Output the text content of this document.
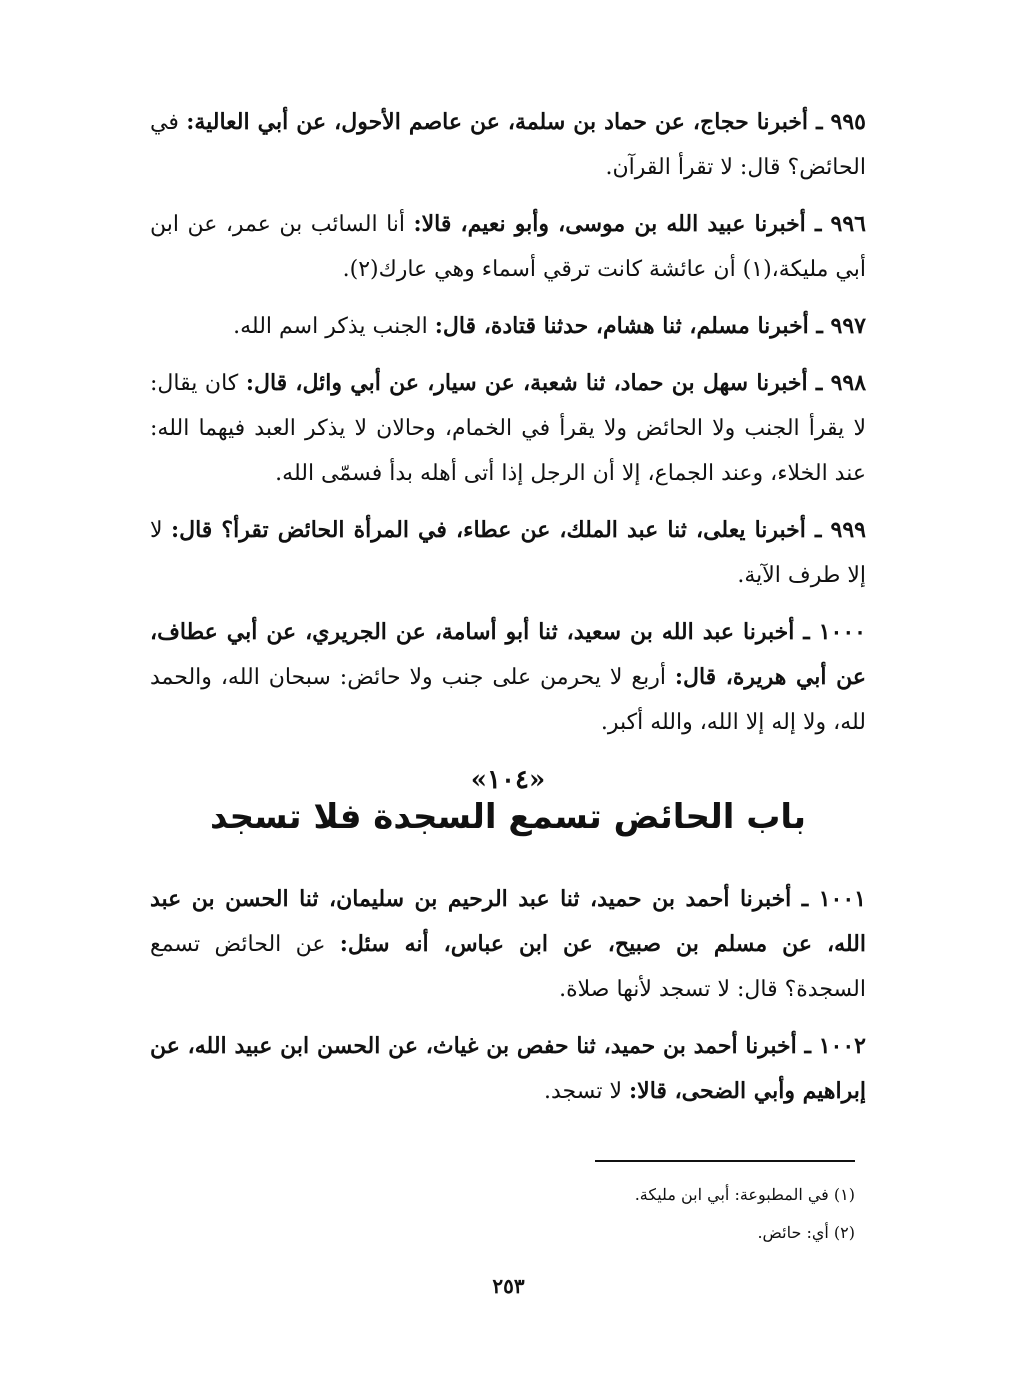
٩٩٥ ـ أخبرنا حجاج، عن حماد بن سلمة، عن عاصم الأحول، عن أبي العالية: في الحائض؟ قال: لا تقرأ القرآن.

٩٩٦ ـ أخبرنا عبيد الله بن موسى، وأبو نعيم، قالا: أنا السائب بن عمر، عن ابن أبي مليكة،(١) أن عائشة كانت ترقي أسماء وهي عارك(٢).

٩٩٧ ـ أخبرنا مسلم، ثنا هشام، حدثنا قتادة، قال: الجنب يذكر اسم الله.

٩٩٨ ـ أخبرنا سهل بن حماد، ثنا شعبة، عن سيار، عن أبي وائل، قال: كان يقال: لا يقرأ الجنب ولا الحائض ولا يقرأ في الخمام، وحالان لا يذكر العبد فيهما الله: عند الخلاء، وعند الجماع، إلا أن الرجل إذا أتى أهله بدأ فسمّى الله.

٩٩٩ ـ أخبرنا يعلى، ثنا عبد الملك، عن عطاء، في المرأة الحائض تقرأ؟ قال: لا إلا طرف الآية.

١٠٠٠ ـ أخبرنا عبد الله بن سعيد، ثنا أبو أسامة، عن الجريري، عن أبي عطاف، عن أبي هريرة، قال: أربع لا يحرمن على جنب ولا حائض: سبحان الله، والحمد لله، ولا إله إلا الله، والله أكبر.

«١٠٤»
باب الحائض تسمع السجدة فلا تسجد

١٠٠١ ـ أخبرنا أحمد بن حميد، ثنا عبد الرحيم بن سليمان، ثنا الحسن بن عبد الله، عن مسلم بن صبيح، عن ابن عباس، أنه سئل: عن الحائض تسمع السجدة؟ قال: لا تسجد لأنها صلاة.

١٠٠٢ ـ أخبرنا أحمد بن حميد، ثنا حفص بن غياث، عن الحسن ابن عبيد الله، عن إبراهيم وأبي الضحى، قالا: لا تسجد.

(١) في المطبوعة: أبي ابن مليكة.
(٢) أي: حائض.
٢٥٣
